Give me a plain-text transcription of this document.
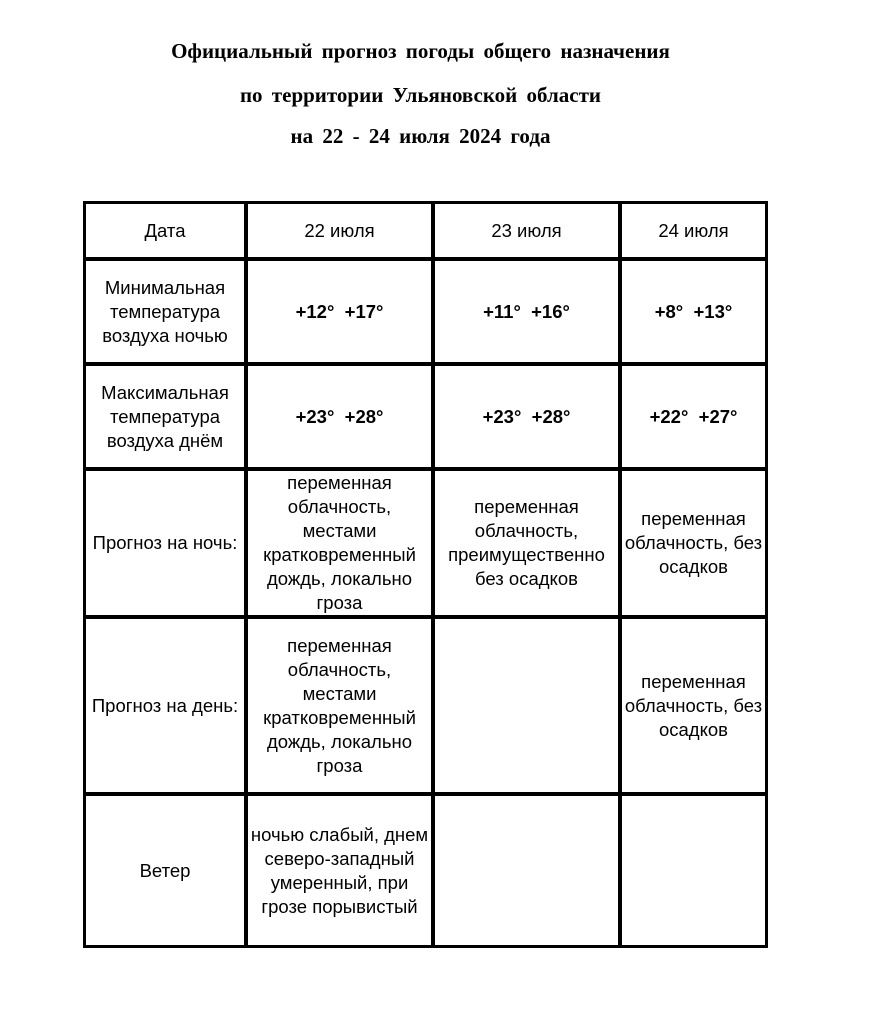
Официальный прогноз погоды общего назначения
по территории Ульяновской области
на 22 - 24 июля 2024 года
Дата	22 июля	23 июля	24 июля
Минимальная температура воздуха ночью	+12°  +17°	+11°  +16°	+8°  +13°
Максимальная температура воздуха днём	+23°  +28°	+23°  +28°	+22°  +27°
Прогноз на ночь:	переменная облачность, местами кратковременный дождь, локально гроза	переменная облачность, преимущественно без осадков	переменная облачность, без осадков
Прогноз на день:	переменная облачность, местами кратковременный дождь, локально гроза		переменная облачность, без осадков
Ветер	ночью слабый, днем северо-западный умеренный, при грозе порывистый		
